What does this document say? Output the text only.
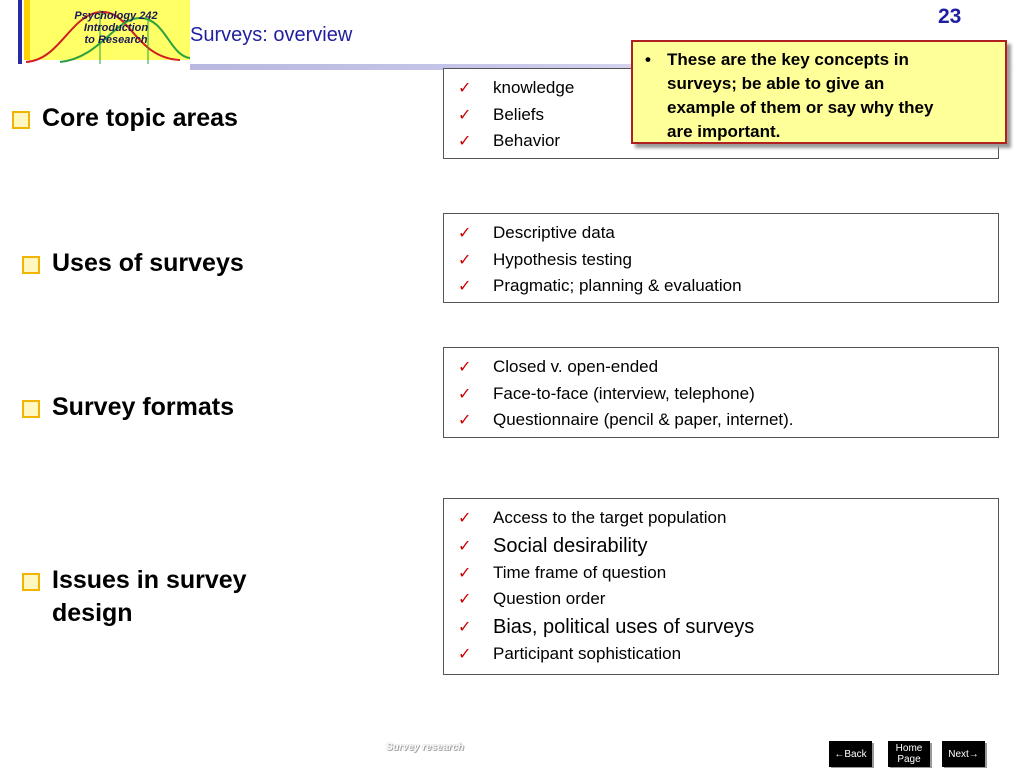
Psychology 242
Introduction
to Research	Surveys: overview
23
Core topic areas
Uses of surveys
Survey formats
Issues in survey
design
✓	knowledge
✓	Beliefs
✓	Behavior
✓	Descriptive data
✓	Hypothesis testing
✓	Pragmatic; planning & evaluation
✓	Closed v. open-ended
✓	Face-to-face (interview, telephone)
✓	Questionnaire (pencil & paper, internet).
✓	Access to the target population
✓	Social desirability
✓	Time frame of question
✓	Question order
✓	Bias, political uses of surveys
✓	Participant sophistication
• These are the key concepts in
surveys; be able to give an
example of them or say why they
are important.
Survey research
←Back	Home
Page	Next→
